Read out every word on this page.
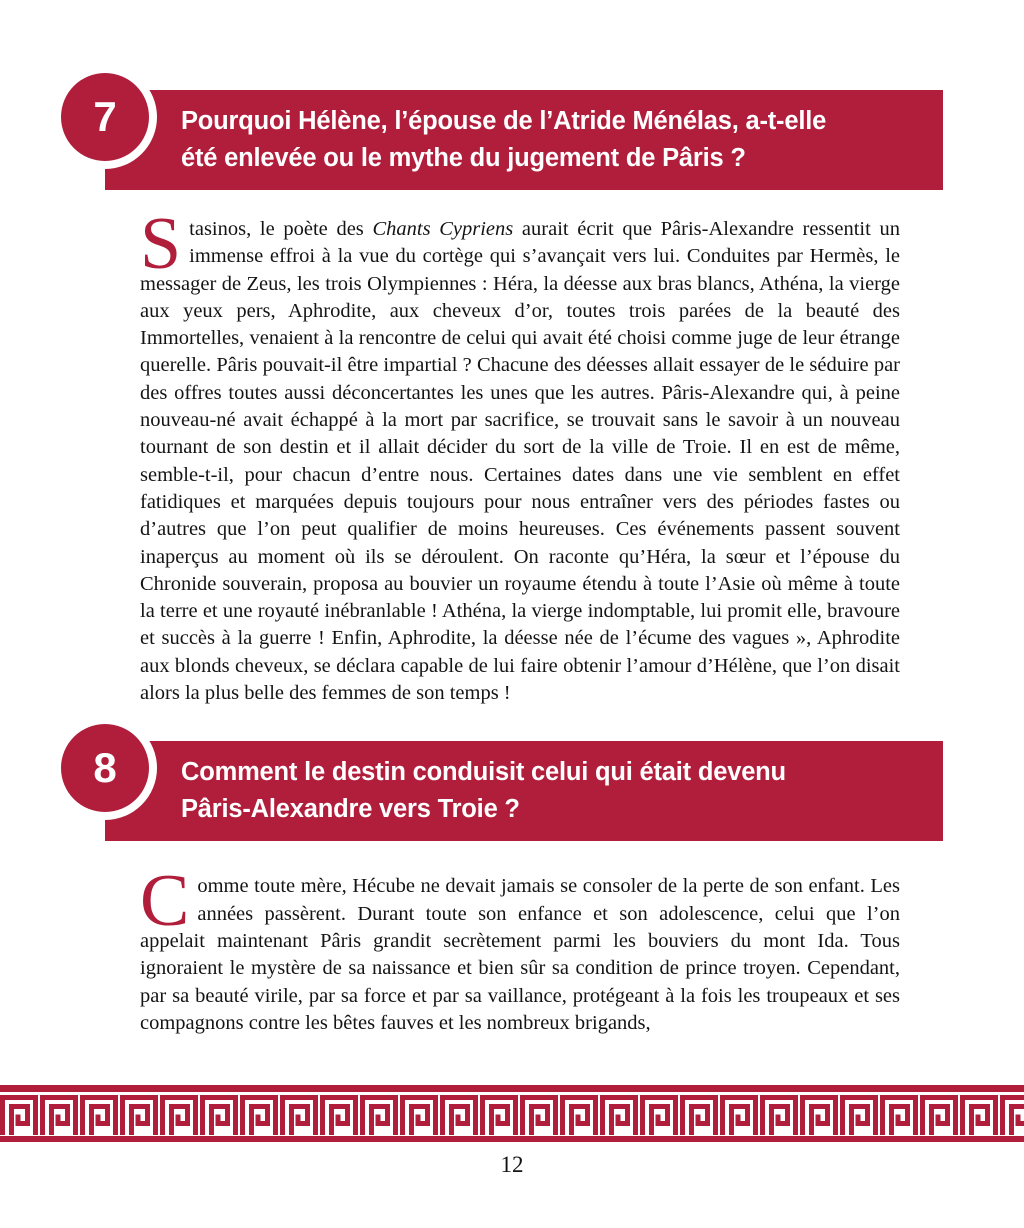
7	Pourquoi Hélène, l’épouse de l’Atride Ménélas, a-t-elle
été enlevée ou le mythe du jugement de Pâris ?

Stasinos, le poète des Chants Cypriens aurait écrit que Pâris-Alexandre ressentit un immense effroi à la vue du cortège qui s’avançait vers lui. Conduites par Hermès, le messager de Zeus, les trois Olympiennes : Héra, la déesse aux bras blancs, Athéna, la vierge aux yeux pers, Aphrodite, aux cheveux d’or, toutes trois parées de la beauté des Immortelles, venaient à la rencontre de celui qui avait été choisi comme juge de leur étrange querelle. Pâris pouvait-il être impartial ? Chacune des déesses allait essayer de le séduire par des offres toutes aussi déconcertantes les unes que les autres. Pâris-Alexandre qui, à peine nouveau-né avait échappé à la mort par sacrifice, se trouvait sans le savoir à un nouveau tournant de son destin et il allait décider du sort de la ville de Troie. Il en est de même, semble-t-il, pour chacun d’entre nous. Certaines dates dans une vie semblent en effet fatidiques et marquées depuis toujours pour nous entraîner vers des périodes fastes ou d’autres que l’on peut qualifier de moins heureuses. Ces événements passent souvent inaperçus au moment où ils se déroulent. On raconte qu’Héra, la sœur et l’épouse du Chronide souverain, proposa au bouvier un royaume étendu à toute l’Asie où même à toute la terre et une royauté inébranlable ! Athéna, la vierge indomptable, lui promit elle, bravoure et succès à la guerre ! Enfin, Aphrodite, la déesse née de l’écume des vagues », Aphrodite aux blonds cheveux, se déclara capable de lui faire obtenir l’amour d’Hélène, que l’on disait alors la plus belle des femmes de son temps !

8	Comment le destin conduisit celui qui était devenu
Pâris-Alexandre vers Troie ?

Comme toute mère, Hécube ne devait jamais se consoler de la perte de son enfant. Les années passèrent. Durant toute son enfance et son adolescence, celui que l’on appelait maintenant Pâris grandit secrètement parmi les bouviers du mont Ida. Tous ignoraient le mystère de sa naissance et bien sûr sa condition de prince troyen. Cependant, par sa beauté virile, par sa force et par sa vaillance, protégeant à la fois les troupeaux et ses compagnons contre les bêtes fauves et les nombreux brigands,

12
